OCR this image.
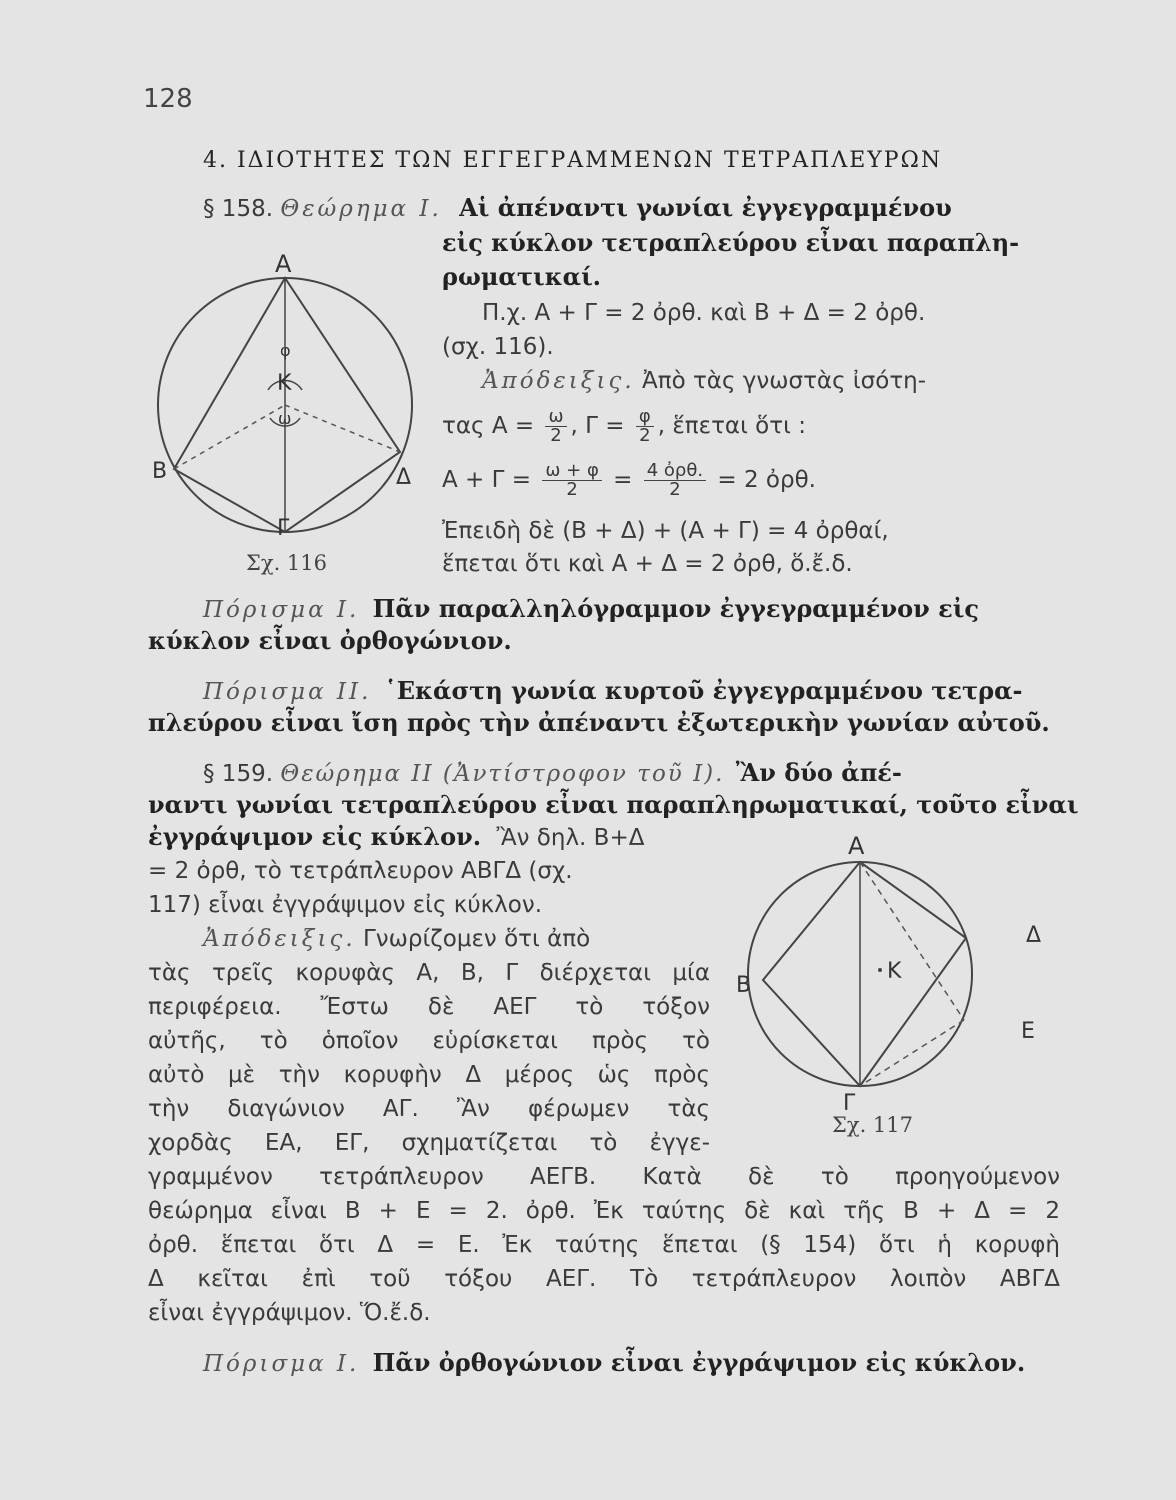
128
4. ΙΔΙΟΤΗΤΕΣ ΤΩΝ ΕΓΓΕΓΡΑΜΜΕΝΩΝ ΤΕΤΡΑΠΛΕΥΡΩΝ

§ 158. Θεώρημα Ι. Αἱ ἀπέναντι γωνίαι ἐγγεγραμμένου

εἰς κύκλον τετραπλεύρου εἶναι παραπλη-

ρωματικαί.

Π.χ. Α + Γ = 2 ὀρθ. καὶ Β + Δ = 2 ὀρθ.

(σχ. 116).

Ἀπόδειξις. Ἀπὸ τὰς γνωστὰς ἰσότη-

τας $A = \frac{\omega}{2}$ , $\Gamma = \frac{\varphi}{2}$ , ἕπεται ὅτι :

$A + \Gamma = \frac{\omega + \varphi}{2} = \frac{\text{4 ὀρθ.}}{2} = 2$ ὀρθ.

Ἐπειδὴ δὲ (Β + Δ) + (Α + Γ) = 4 ὀρθαί,

ἕπεται ὅτι καὶ Α + Δ = 2 ὀρθ, ὅ.ἔ.δ.

Α
Β
Γ
Δ
Κ
φ
ω
Σχ. 116

Πόρισμα Ι. Πᾶν παραλληλόγραμμον ἐγγεγραμμένον εἰς

κύκλον εἶναι ὀρθογώνιον.

Πόρισμα ΙΙ. ῾Εκάστη γωνία κυρτοῦ ἐγγεγραμμένου τετρα-

πλεύρου εἶναι ἴση πρὸς τὴν ἀπέναντι ἐξωτερικὴν γωνίαν αὐτοῦ.

§ 159. Θεώρημα ΙΙ (Ἀντίστροφον τοῦ Ι). Ἂν δύο ἀπέ-

ναντι γωνίαι τετραπλεύρου εἶναι παραπληρωματικαί, τοῦτο εἶναι

ἐγγράψιμον εἰς κύκλον. Ἂν δηλ. Β+Δ

= 2 ὀρθ, τὸ τετράπλευρον ΑΒΓΔ (σχ.

117) εἶναι ἐγγράψιμον εἰς κύκλον.

Ἀπόδειξις. Γνωρίζομεν ὅτι ἀπὸ

τὰς τρεῖς κορυφὰς Α, Β, Γ διέρχεται μία

περιφέρεια. Ἔστω δὲ ΑΕΓ τὸ τόξον

αὐτῆς, τὸ ὁποῖον εὑρίσκεται πρὸς τὸ

αὐτὸ μὲ τὴν κορυφὴν Δ μέρος ὡς πρὸς

τὴν διαγώνιον ΑΓ. Ἂν φέρωμεν τὰς

χορδὰς ΕΑ, ΕΓ, σχηματίζεται τὸ ἐγγε-

γραμμένον τετράπλευρον ΑΕΓΒ. Κατὰ δὲ τὸ προηγούμενον

θεώρημα εἶναι Β + Ε = 2. ὀρθ. Ἐκ ταύτης δὲ καὶ τῆς Β + Δ = 2

ὀρθ. ἕπεται ὅτι Δ = Ε. Ἐκ ταύτης ἕπεται (§ 154) ὅτι ἡ κορυφὴ

Δ κεῖται ἐπὶ τοῦ τόξου ΑΕΓ. Τὸ τετράπλευρον λοιπὸν ΑΒΓΔ

εἶναι ἐγγράψιμον. Ὅ.ἔ.δ.

Α
Β
Γ
Δ
Ε
Κ
Σχ. 117

Πόρισμα Ι. Πᾶν ὀρθογώνιον εἶναι ἐγγράψιμον εἰς κύκλον.
